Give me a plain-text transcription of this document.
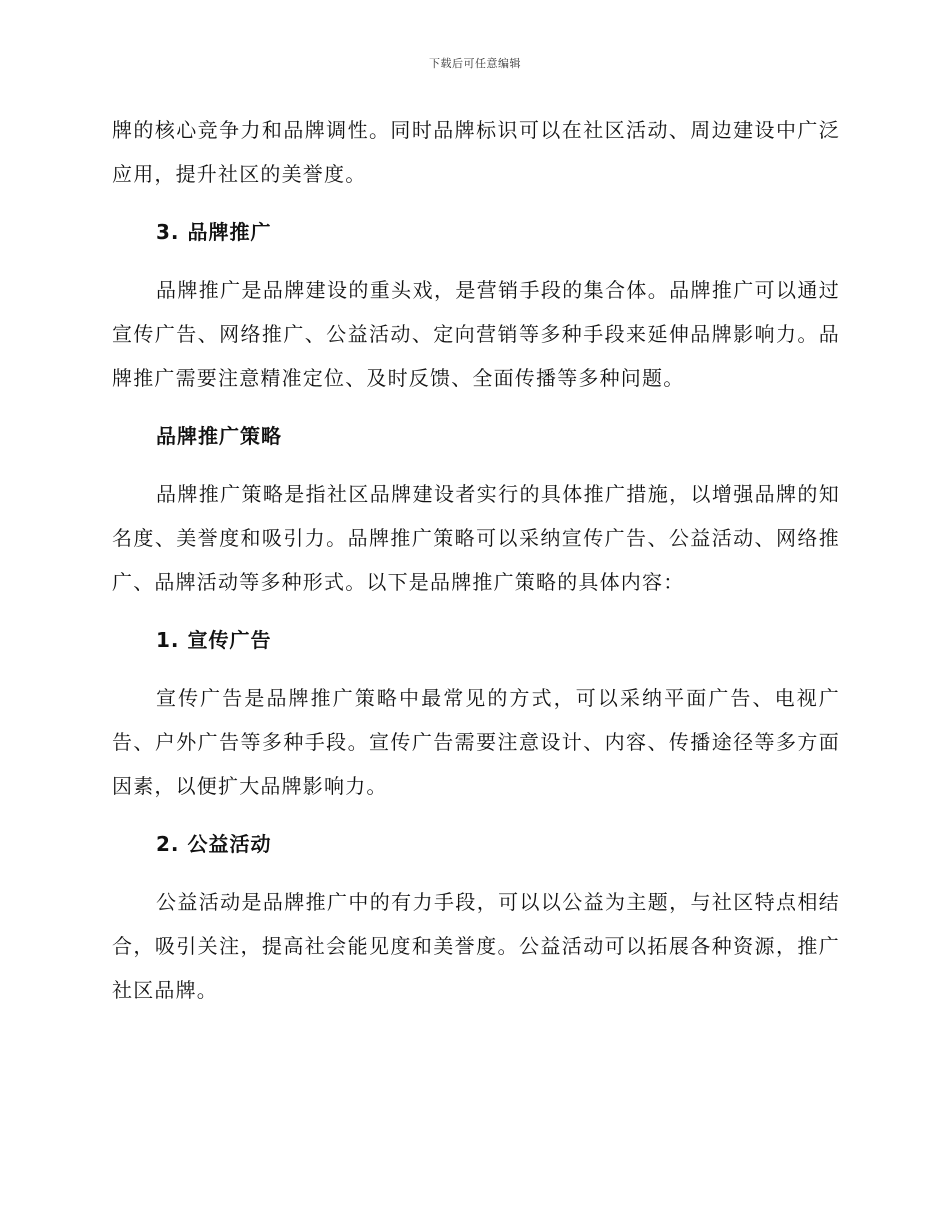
下载后可任意编辑

牌的核心竞争力和品牌调性。同时品牌标识可以在社区活动、周边建设中广泛应用，提升社区的美誉度。

3. 品牌推广

品牌推广是品牌建设的重头戏，是营销手段的集合体。品牌推广可以通过宣传广告、网络推广、公益活动、定向营销等多种手段来延伸品牌影响力。品牌推广需要注意精准定位、及时反馈、全面传播等多种问题。

品牌推广策略

品牌推广策略是指社区品牌建设者实行的具体推广措施，以增强品牌的知名度、美誉度和吸引力。品牌推广策略可以采纳宣传广告、公益活动、网络推广、品牌活动等多种形式。以下是品牌推广策略的具体内容：

1. 宣传广告

宣传广告是品牌推广策略中最常见的方式，可以采纳平面广告、电视广告、户外广告等多种手段。宣传广告需要注意设计、内容、传播途径等多方面因素，以便扩大品牌影响力。

2. 公益活动

公益活动是品牌推广中的有力手段，可以以公益为主题，与社区特点相结合，吸引关注，提高社会能见度和美誉度。公益活动可以拓展各种资源，推广社区品牌。
